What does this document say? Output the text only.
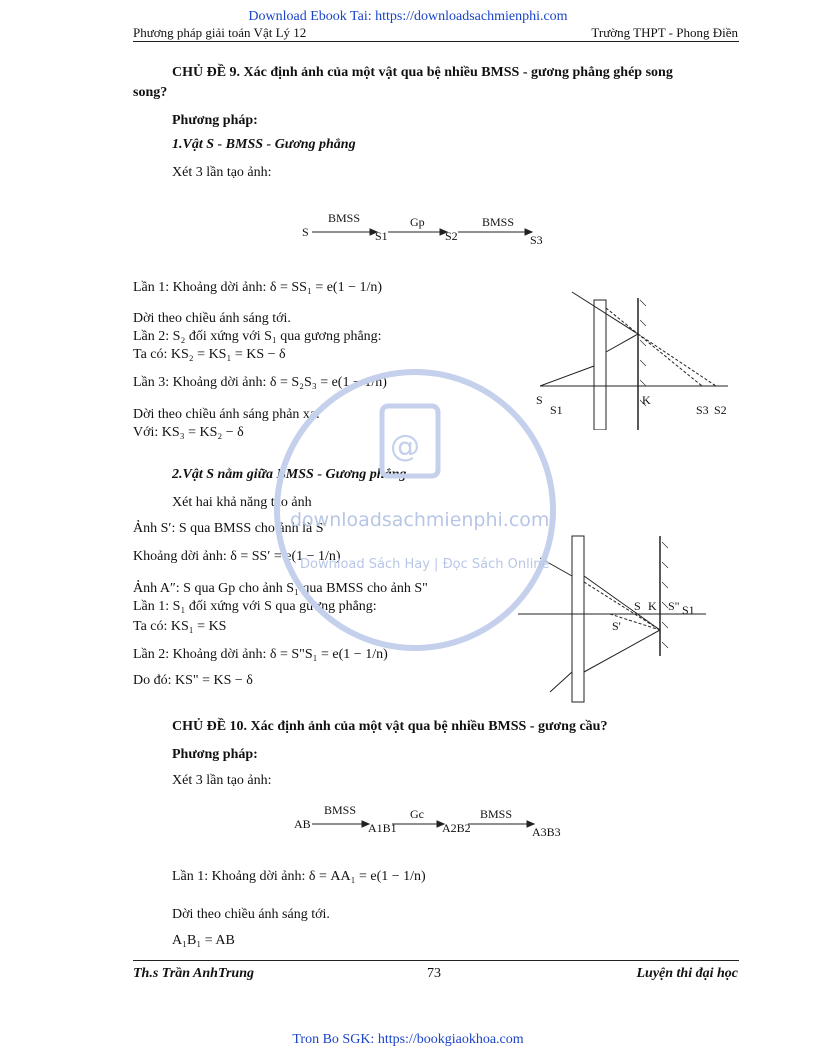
Download Ebook Tai: https://downloadsachmienphi.com
Phương pháp giải toán Vật Lý 12	Trường THPT - Phong Điền
CHỦ ĐỀ 9. Xác định ảnh của một vật qua bệ nhiều BMSS - gương phẳng ghép song
song?
Phương pháp:
1.Vật S - BMSS - Gương phẳng
Xét 3 lần tạo ảnh:
S	S1	S2	S3
BMSS	Gp	BMSS
Lần 1: Khoảng dời ảnh: δ = SS₁ = e(1 − 1/n)
Dời theo chiều ánh sáng tới.
Lần 2: S₂ đối xứng với S₁ qua gương phẳng:
Ta có: KS₂ = KS₁ = KS − δ
Lần 3: Khoảng dời ảnh: δ = S₂S₃ = e(1 − 1/n)
Dời theo chiều ánh sáng phản xạ.
Với: KS₃ = KS₂ − δ
S
S1
K
S3 S2
2.Vật S nằm giữa BMSS - Gương phẳng
Xét hai khả năng tạo ảnh
Ảnh S′: S qua BMSS cho ảnh là S′
Khoảng dời ảnh: δ = SS′ = e(1 − 1/n)
Ảnh A″: S qua Gp cho ảnh S₁ qua BMSS cho ảnh S"
Lần 1: S₁ đối xứng với S qua gương phẳng:
Ta có: KS₁ = KS
Lần 2: Khoảng dời ảnh: δ = S"S₁ = e(1 − 1/n)
Do đó: KS" = KS − δ
S K S" S1
S'
CHỦ ĐỀ 10. Xác định ảnh của một vật qua bệ nhiều BMSS - gương cầu?
Phương pháp:
Xét 3 lần tạo ảnh:
AB	A1B1	A2B2	A3B3
BMSS	Gc	BMSS
Lần 1: Khoảng dời ảnh: δ = AA₁ = e(1 − 1/n)
Dời theo chiều ánh sáng tới.
A₁B₁ = AB
@
downloadsachmienphi.com
Download Sách Hay | Đọc Sách Online
Th.s Trần AnhTrung	73	Luyện thi đại học
Tron Bo SGK: https://bookgiaokhoa.com
